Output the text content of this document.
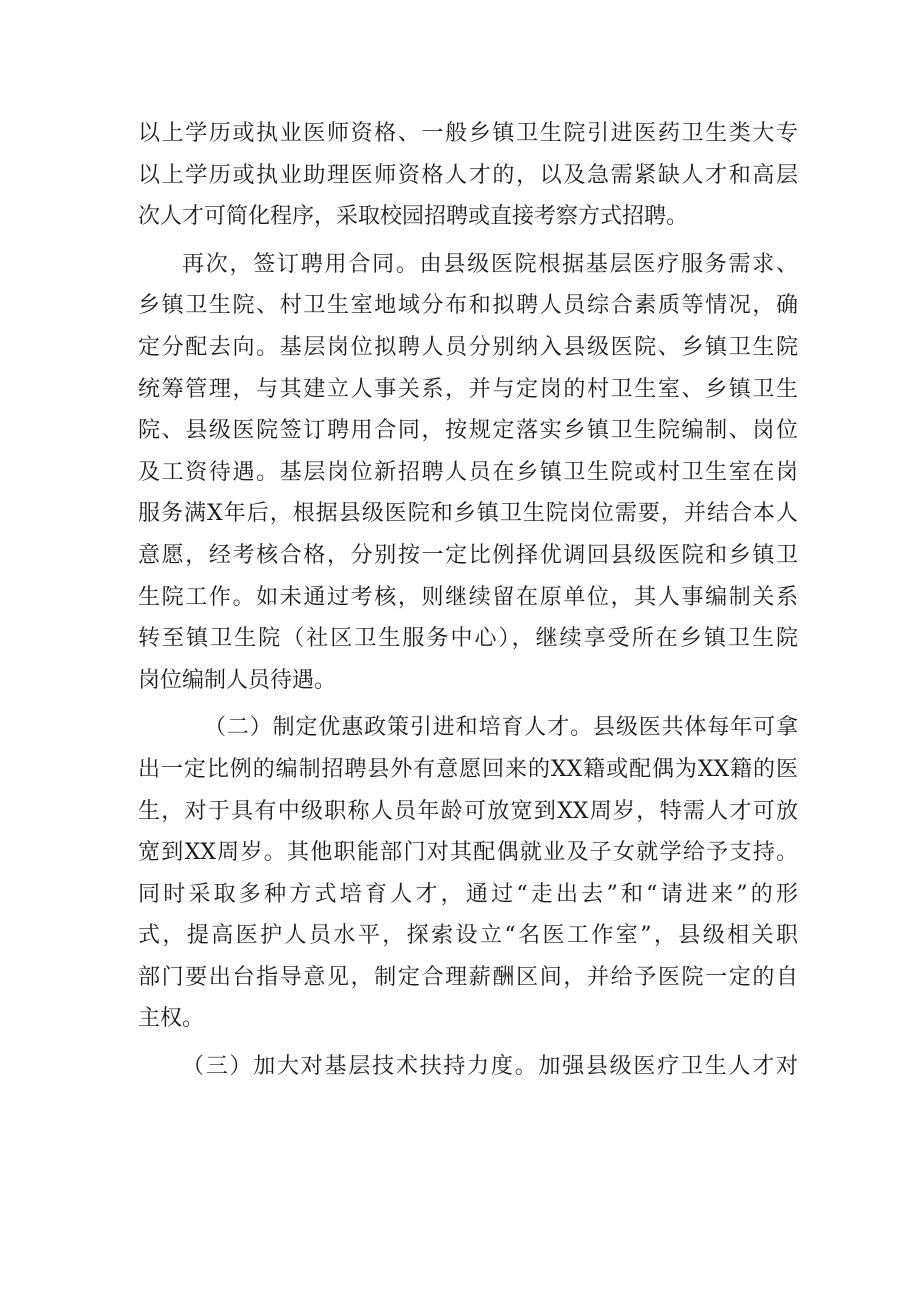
以上学历或执业医师资格、一般乡镇卫生院引进医药卫生类大专
以上学历或执业助理医师资格人才的，以及急需紧缺人才和高层
次人才可简化程序，采取校园招聘或直接考察方式招聘。
再次，签订聘用合同。由县级医院根据基层医疗服务需求、
乡镇卫生院、村卫生室地域分布和拟聘人员综合素质等情况，确
定分配去向。基层岗位拟聘人员分别纳入县级医院、乡镇卫生院
统筹管理，与其建立人事关系，并与定岗的村卫生室、乡镇卫生
院、县级医院签订聘用合同，按规定落实乡镇卫生院编制、岗位
及工资待遇。基层岗位新招聘人员在乡镇卫生院或村卫生室在岗
服务满X年后，根据县级医院和乡镇卫生院岗位需要，并结合本人
意愿，经考核合格，分别按一定比例择优调回县级医院和乡镇卫
生院工作。如未通过考核，则继续留在原单位，其人事编制关系
转至镇卫生院（社区卫生服务中心），继续享受所在乡镇卫生院
岗位编制人员待遇。
（二）制定优惠政策引进和培育人才。县级医共体每年可拿
出一定比例的编制招聘县外有意愿回来的XX籍或配偶为XX籍的医
生，对于具有中级职称人员年龄可放宽到XX周岁，特需人才可放
宽到XX周岁。其他职能部门对其配偶就业及子女就学给予支持。
同时采取多种方式培育人才，通过“走出去”和“请进来”的形
式，提高医护人员水平，探索设立“名医工作室”，县级相关职
部门要出台指导意见，制定合理薪酬区间，并给予医院一定的自
主权。
（三）加大对基层技术扶持力度。加强县级医疗卫生人才对
